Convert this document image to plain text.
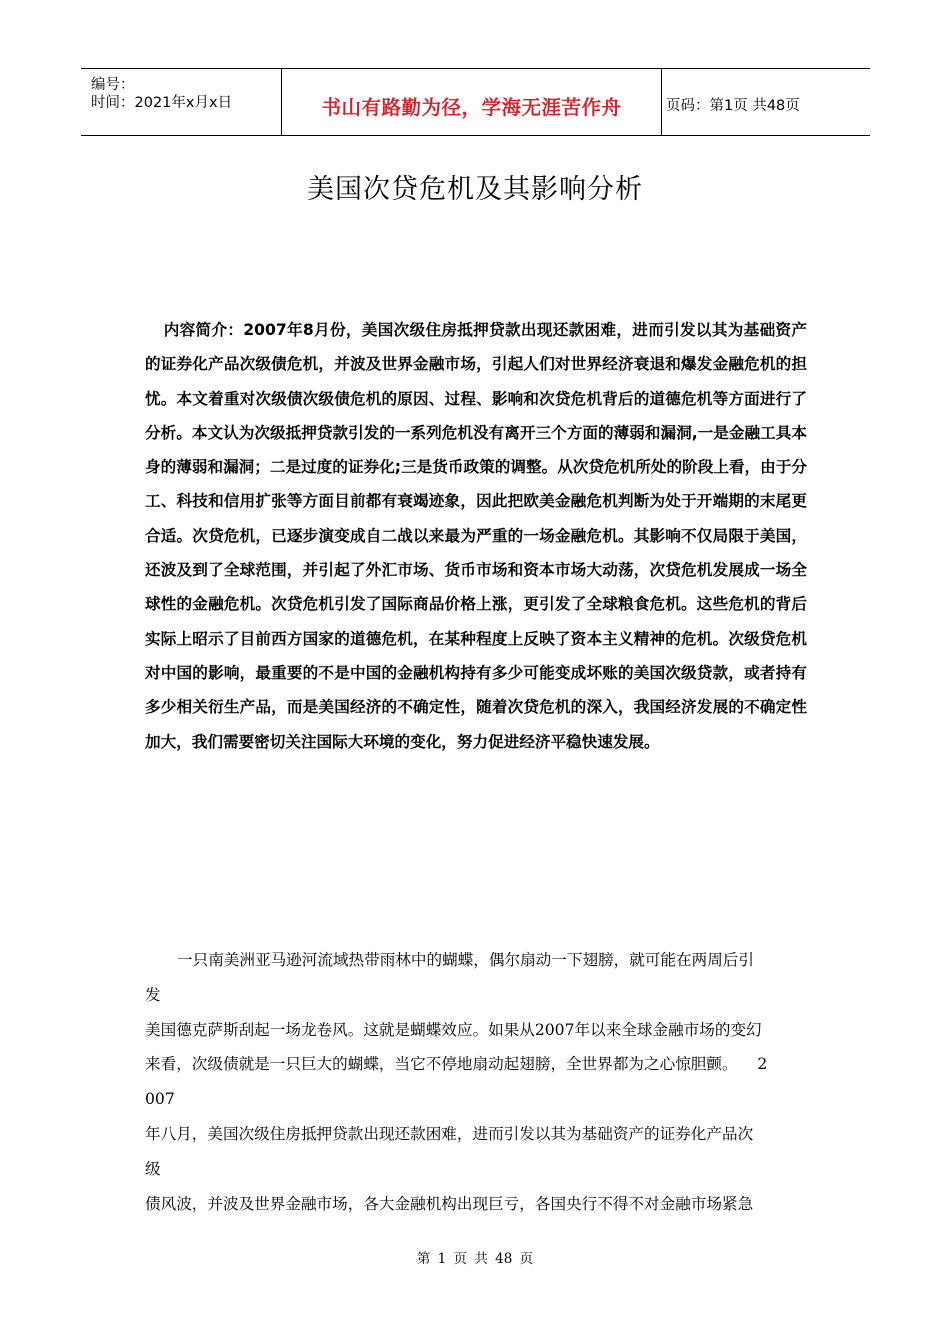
编号：
时间：2021年x月x日	书山有路勤为径，学海无涯苦作舟	页码：第1页 共48页
美国次贷危机及其影响分析

内容简介：2007年8月份，美国次级住房抵押贷款出现还款困难，进而引发以其为基础资产的证券化产品次级债危机，并波及世界金融市场，引起人们对世界经济衰退和爆发金融危机的担忧。本文着重对次级债次级债危机的原因、过程、影响和次贷危机背后的道德危机等方面进行了分析。本文认为次级抵押贷款引发的一系列危机没有离开三个方面的薄弱和漏洞,一是金融工具本身的薄弱和漏洞；二是过度的证券化;三是货币政策的调整。从次贷危机所处的阶段上看，由于分工、科技和信用扩张等方面目前都有衰竭迹象，因此把欧美金融危机判断为处于开端期的末尾更合适。次贷危机，已逐步演变成自二战以来最为严重的一场金融危机。其影响不仅局限于美国，还波及到了全球范围，并引起了外汇市场、货币市场和资本市场大动荡，次贷危机发展成一场全球性的金融危机。次贷危机引发了国际商品价格上涨，更引发了全球粮食危机。这些危机的背后实际上昭示了目前西方国家的道德危机，在某种程度上反映了资本主义精神的危机。次级贷危机对中国的影响，最重要的不是中国的金融机构持有多少可能变成坏账的美国次级贷款，或者持有多少相关衍生产品，而是美国经济的不确定性，随着次贷危机的深入，我国经济发展的不确定性加大，我们需要密切关注国际大环境的变化，努力促进经济平稳快速发展。

一只南美洲亚马逊河流域热带雨林中的蝴蝶，偶尔扇动一下翅膀，就可能在两周后引
发
美国德克萨斯刮起一场龙卷风。这就是蝴蝶效应。如果从2007年以来全球金融市场的变幻
来看，次级债就是一只巨大的蝴蝶，当它不停地扇动起翅膀，全世界都为之心惊胆颤。    2
007
年八月，美国次级住房抵押贷款出现还款困难，进而引发以其为基础资产的证券化产品次
级
债风波，并波及世界金融市场，各大金融机构出现巨亏，各国央行不得不对金融市场紧急
第 1 页 共 48 页
